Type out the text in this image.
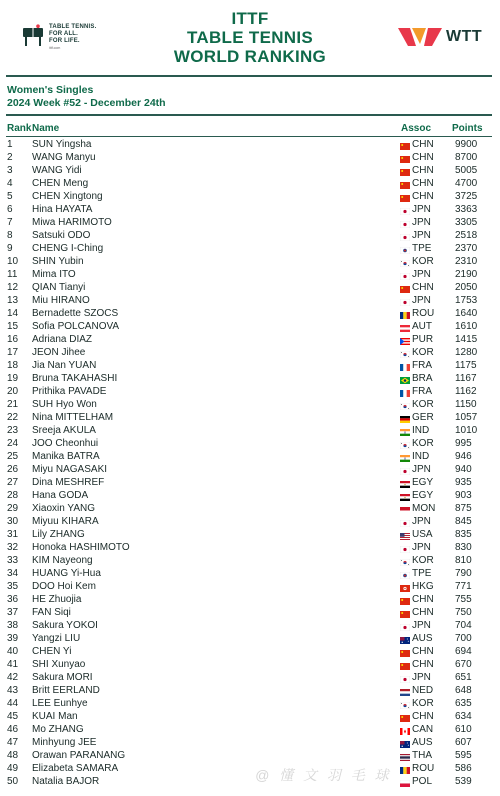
TABLE TENNIS.
FOR ALL.
FOR LIFE.
ittf.com
ITTF
TABLE TENNIS
WORLD RANKING
WTT
Women's Singles
2024 Week #52 - December 24th
Rank Name	Assoc Points
1 SUN Yingsha	CHN 9900
2 WANG Manyu	CHN 8700
3 WANG Yidi	CHN 5005
4 CHEN Meng	CHN 4700
5 CHEN Xingtong	CHN 3725
6 Hina HAYATA	JPN 3363
7 Miwa HARIMOTO	JPN 3305
8 Satsuki ODO	JPN 2518
9 CHENG I-Ching	TPE 2370
10 SHIN Yubin	KOR 2310
11 Mima ITO	JPN 2190
12 QIAN Tianyi	CHN 2050
13 Miu HIRANO	JPN 1753
14 Bernadette SZOCS	ROU 1640
15 Sofia POLCANOVA	AUT 1610
16 Adriana DIAZ	PUR 1415
17 JEON Jihee	KOR 1280
18 Jia Nan YUAN	FRA 1175
19 Bruna TAKAHASHI	BRA 1167
20 Prithika PAVADE	FRA 1162
21 SUH Hyo Won	KOR 1150
22 Nina MITTELHAM	GER 1057
23 Sreeja AKULA	IND	1010
24 JOO Cheonhui	KOR 995
25 Manika BATRA	IND	946
26 Miyu NAGASAKI	JPN 940
27 Dina MESHREF	EGY 935
28 Hana GODA	EGY 903
29 Xiaoxin YANG	MON 875
30 Miyuu KIHARA	JPN 845
31 Lily ZHANG	USA 835
32 Honoka HASHIMOTO	JPN 830
33 KIM Nayeong	KOR 810
34 HUANG Yi-Hua	TPE 790
35 DOO Hoi Kem	HKG 771
36 HE Zhuojia	CHN 755
37 FAN Siqi	CHN 750
38 Sakura YOKOI	JPN 704
39 Yangzi LIU	AUS 700
40 CHEN Yi	CHN 694
41 SHI Xunyao	CHN 670
42 Sakura MORI	JPN 651
43 Britt EERLAND	NED 648
44 LEE Eunhye	KOR 635
45 KUAI Man	CHN 634
46 Mo ZHANG	CAN 610
47 Minhyung JEE	AUS 607
48 Orawan PARANANG	THA 595
49 Elizabeta SAMARA	ROU 586
50 Natalia BAJOR	POL 539
@ 懂 文 羽 毛 球
